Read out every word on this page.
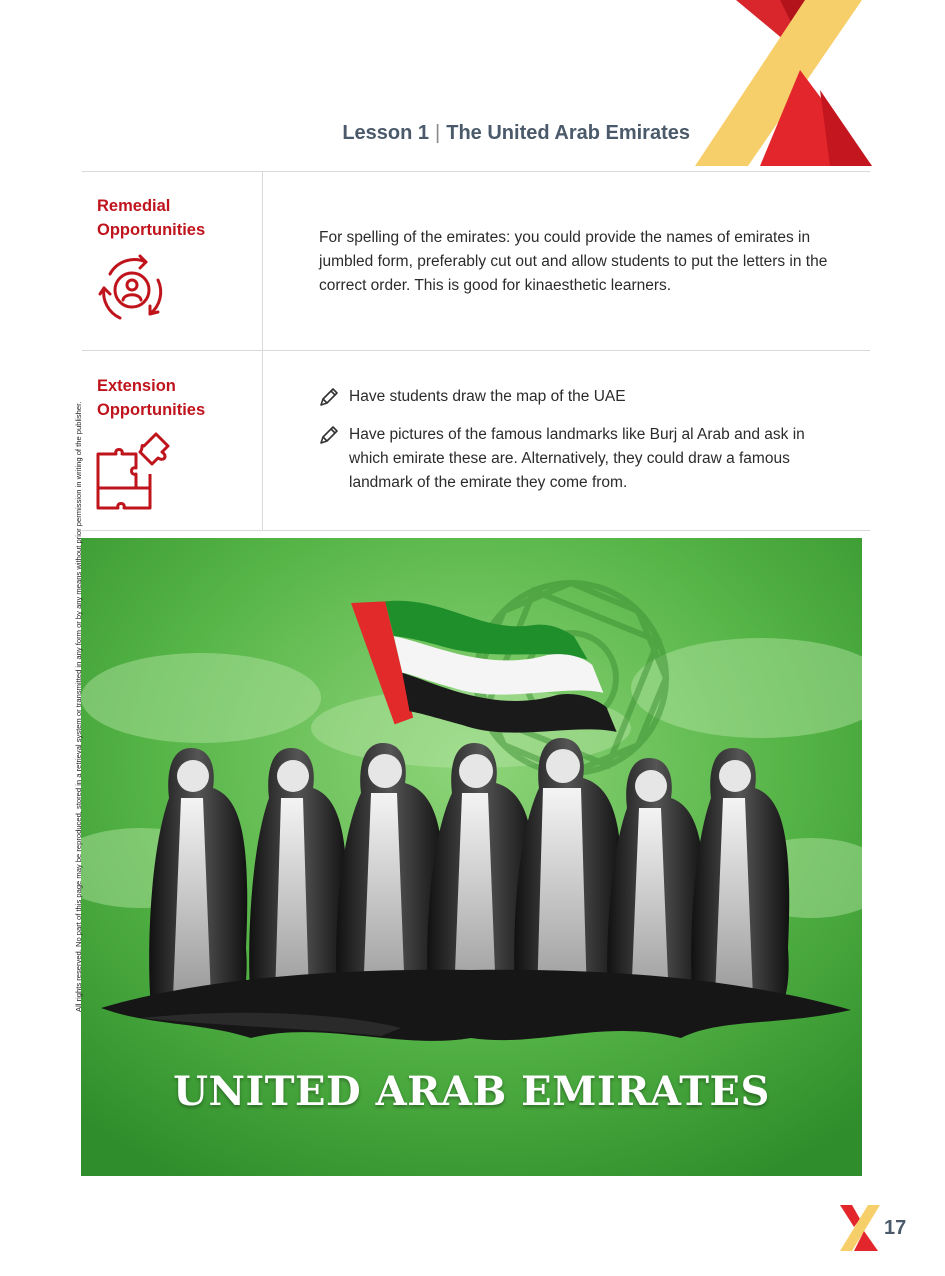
Lesson 1 | The United Arab Emirates
Remedial
Opportunities	For spelling of the emirates: you could provide the names of emirates in jumbled form, preferably cut out and allow students to put the letters in the correct order. This is good for kinaesthetic learners.
Extension
Opportunities
Have students draw the map of the UAE
Have pictures of the famous landmarks like Burj al Arab and ask in which emirate these are. Alternatively, they could draw a famous landmark of the emirate they come from.
UNITED ARAB EMIRATES
All rights reserved. No part of this page may be reproduced, stored in a retrieval system or transmitted in any form or by any means without prior permission in writing of the publisher.
17
